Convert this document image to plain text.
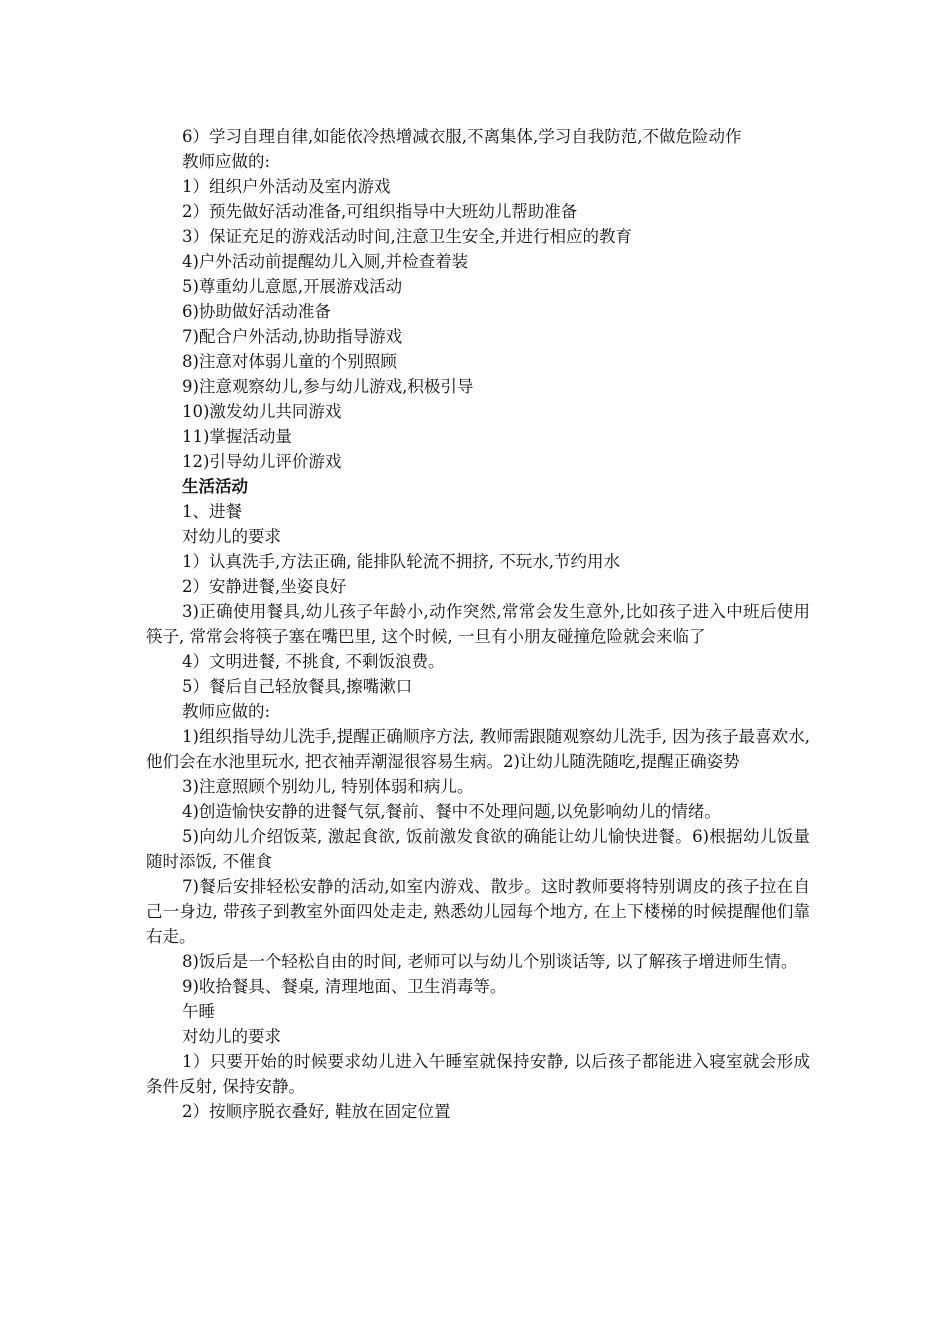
6）学习自理自律,如能依冷热增减衣服,不离集体,学习自我防范,不做危险动作

教师应做的:

1）组织户外活动及室内游戏

2）预先做好活动准备,可组织指导中大班幼儿帮助准备

3）保证充足的游戏活动时间,注意卫生安全,并进行相应的教育

4)户外活动前提醒幼儿入厕,并检查着装

5)尊重幼儿意愿,开展游戏活动

6)协助做好活动准备

7)配合户外活动,协助指导游戏

8)注意对体弱儿童的个别照顾

9)注意观察幼儿,参与幼儿游戏,积极引导

10)激发幼儿共同游戏

11)掌握活动量

12)引导幼儿评价游戏

生活活动

1、进餐

对幼儿的要求

1）认真洗手,方法正确, 能排队轮流不拥挤, 不玩水,节约用水

2）安静进餐,坐姿良好

3)正确使用餐具,幼儿孩子年龄小,动作突然,常常会发生意外,比如孩子进入中班后使用筷子, 常常会将筷子塞在嘴巴里, 这个时候, 一旦有小朋友碰撞危险就会来临了

4）文明进餐, 不挑食, 不剩饭浪费。

5）餐后自己轻放餐具,擦嘴漱口

教师应做的:

1)组织指导幼儿洗手,提醒正确顺序方法, 教师需跟随观察幼儿洗手, 因为孩子最喜欢水, 他们会在水池里玩水, 把衣袖弄潮湿很容易生病。2)让幼儿随洗随吃,提醒正确姿势

3)注意照顾个别幼儿, 特别体弱和病儿。

4)创造愉快安静的进餐气氛,餐前、餐中不处理问题,以免影响幼儿的情绪。

5)向幼儿介绍饭菜, 激起食欲, 饭前激发食欲的确能让幼儿愉快进餐。6)根据幼儿饭量随时添饭, 不催食

7)餐后安排轻松安静的活动,如室内游戏、散步。这时教师要将特别调皮的孩子拉在自己一身边, 带孩子到教室外面四处走走, 熟悉幼儿园每个地方, 在上下楼梯的时候提醒他们靠右走。

8)饭后是一个轻松自由的时间, 老师可以与幼儿个别谈话等, 以了解孩子增进师生情。

9)收拾餐具、餐桌, 清理地面、卫生消毒等。

午睡

对幼儿的要求

1）只要开始的时候要求幼儿进入午睡室就保持安静, 以后孩子都能进入寝室就会形成条件反射, 保持安静。

2）按顺序脱衣叠好, 鞋放在固定位置
